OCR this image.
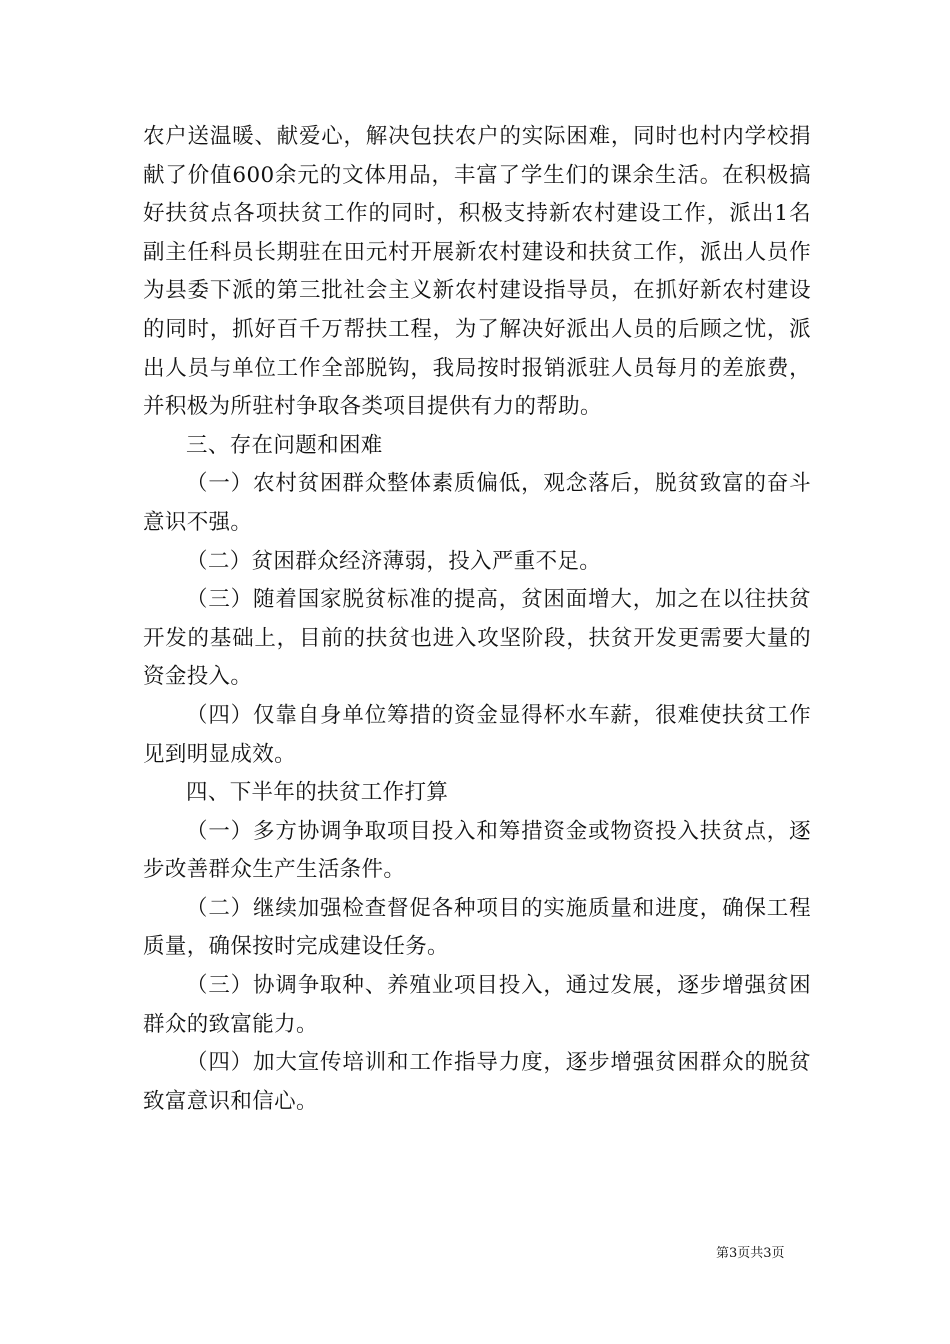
农户送温暖、献爱心，解决包扶农户的实际困难，同时也村内学校捐献了价值600余元的文体用品，丰富了学生们的课余生活。在积极搞好扶贫点各项扶贫工作的同时，积极支持新农村建设工作，派出1名副主任科员长期驻在田元村开展新农村建设和扶贫工作，派出人员作为县委下派的第三批社会主义新农村建设指导员，在抓好新农村建设的同时，抓好百千万帮扶工程，为了解决好派出人员的后顾之忧，派出人员与单位工作全部脱钩，我局按时报销派驻人员每月的差旅费，并积极为所驻村争取各类项目提供有力的帮助。

三、存在问题和困难

（一）农村贫困群众整体素质偏低，观念落后，脱贫致富的奋斗意识不强。

（二）贫困群众经济薄弱，投入严重不足。

（三）随着国家脱贫标准的提高，贫困面增大，加之在以往扶贫开发的基础上，目前的扶贫也进入攻坚阶段，扶贫开发更需要大量的资金投入。

（四）仅靠自身单位筹措的资金显得杯水车薪，很难使扶贫工作见到明显成效。

四、下半年的扶贫工作打算

（一）多方协调争取项目投入和筹措资金或物资投入扶贫点，逐步改善群众生产生活条件。

（二）继续加强检查督促各种项目的实施质量和进度，确保工程质量，确保按时完成建设任务。

（三）协调争取种、养殖业项目投入，通过发展，逐步增强贫困群众的致富能力。

（四）加大宣传培训和工作指导力度，逐步增强贫困群众的脱贫致富意识和信心。

第3页共3页
